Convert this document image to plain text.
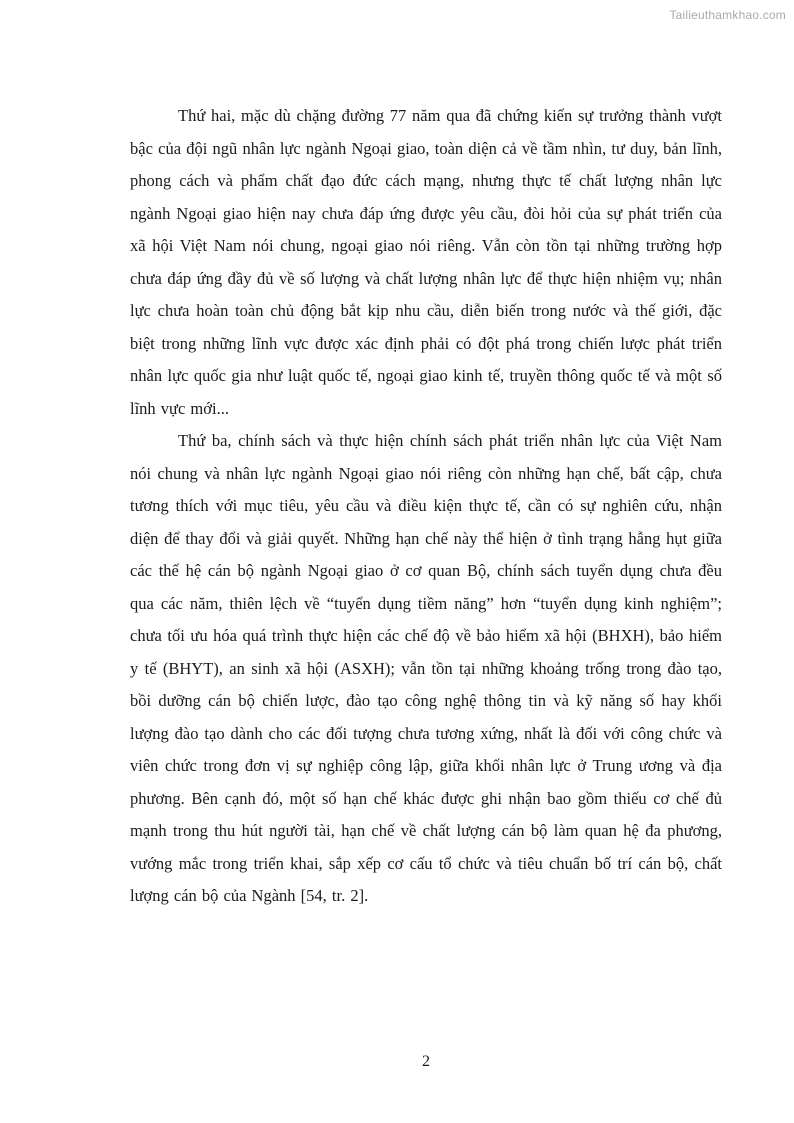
Tailieuthamkhao.com

Thứ hai, mặc dù chặng đường 77 năm qua đã chứng kiến sự trưởng thành vượt bậc của đội ngũ nhân lực ngành Ngoại giao, toàn diện cả về tầm nhìn, tư duy, bản lĩnh, phong cách và phẩm chất đạo đức cách mạng, nhưng thực tế chất lượng nhân lực ngành Ngoại giao hiện nay chưa đáp ứng được yêu cầu, đòi hỏi của sự phát triển của xã hội Việt Nam nói chung, ngoại giao nói riêng. Vẫn còn tồn tại những trường hợp chưa đáp ứng đầy đủ về số lượng và chất lượng nhân lực để thực hiện nhiệm vụ; nhân lực chưa hoàn toàn chủ động bắt kịp nhu cầu, diễn biến trong nước và thế giới, đặc biệt trong những lĩnh vực được xác định phải có đột phá trong chiến lược phát triển nhân lực quốc gia như luật quốc tế, ngoại giao kinh tế, truyền thông quốc tế và một số lĩnh vực mới...

Thứ ba, chính sách và thực hiện chính sách phát triển nhân lực của Việt Nam nói chung và nhân lực ngành Ngoại giao nói riêng còn những hạn chế, bất cập, chưa tương thích với mục tiêu, yêu cầu và điều kiện thực tế, cần có sự nghiên cứu, nhận diện để thay đổi và giải quyết. Những hạn chế này thể hiện ở tình trạng hẫng hụt giữa các thế hệ cán bộ ngành Ngoại giao ở cơ quan Bộ, chính sách tuyển dụng chưa đều qua các năm, thiên lệch về “tuyển dụng tiềm năng” hơn “tuyển dụng kinh nghiệm”; chưa tối ưu hóa quá trình thực hiện các chế độ về bảo hiểm xã hội (BHXH), bảo hiểm y tế (BHYT), an sinh xã hội (ASXH); vẫn tồn tại những khoảng trống trong đào tạo, bồi dưỡng cán bộ chiến lược, đào tạo công nghệ thông tin và kỹ năng số hay khối lượng đào tạo dành cho các đối tượng chưa tương xứng, nhất là đối với công chức và viên chức trong đơn vị sự nghiệp công lập, giữa khối nhân lực ở Trung ương và địa phương. Bên cạnh đó, một số hạn chế khác được ghi nhận bao gồm thiếu cơ chế đủ mạnh trong thu hút người tài, hạn chế về chất lượng cán bộ làm quan hệ đa phương, vướng mắc trong triển khai, sắp xếp cơ cấu tổ chức và tiêu chuẩn bố trí cán bộ, chất lượng cán bộ của Ngành [54, tr. 2].

2
